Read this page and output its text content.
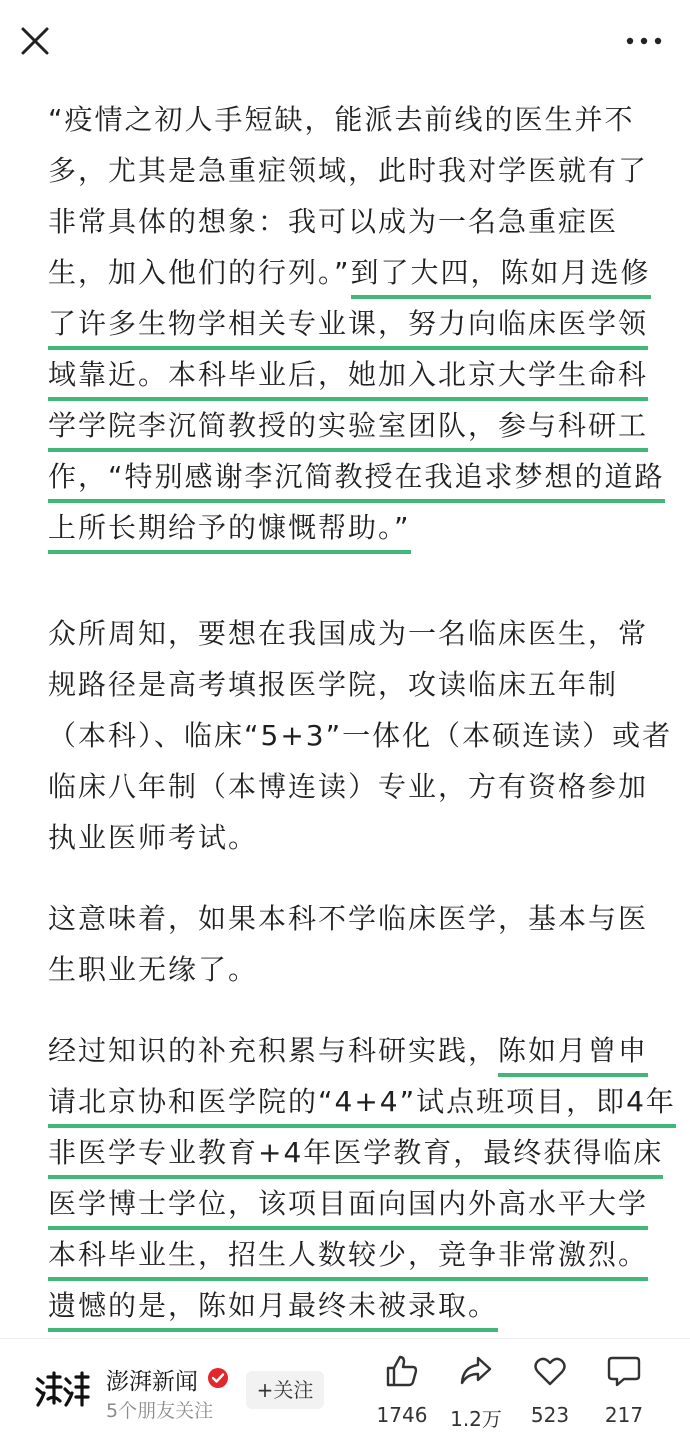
“疫情之初人手短缺，能派去前线的医生并不
多，尤其是急重症领域，此时我对学医就有了
非常具体的想象：我可以成为一名急重症医
生，加入他们的行列。”到了大四，陈如月选修
了许多生物学相关专业课，努力向临床医学领
域靠近。本科毕业后，她加入北京大学生命科
学学院李沉简教授的实验室团队，参与科研工
作，“特别感谢李沉简教授在我追求梦想的道路
上所长期给予的慷慨帮助。”
众所周知，要想在我国成为一名临床医生，常
规路径是高考填报医学院，攻读临床五年制
（本科）、临床“5+3”一体化（本硕连读）或者
临床八年制（本博连读）专业，方有资格参加
执业医师考试。
这意味着，如果本科不学临床医学，基本与医
生职业无缘了。
经过知识的补充积累与科研实践，陈如月曾申
请北京协和医学院的“4+4”试点班项目，即4年
非医学专业教育+4年医学教育，最终获得临床
医学博士学位，该项目面向国内外高水平大学
本科毕业生，招生人数较少，竞争非常激烈。
遗憾的是，陈如月最终未被录取。
澎湃新闻
5个朋友关注
+关注
1746	1.2万	523	217
